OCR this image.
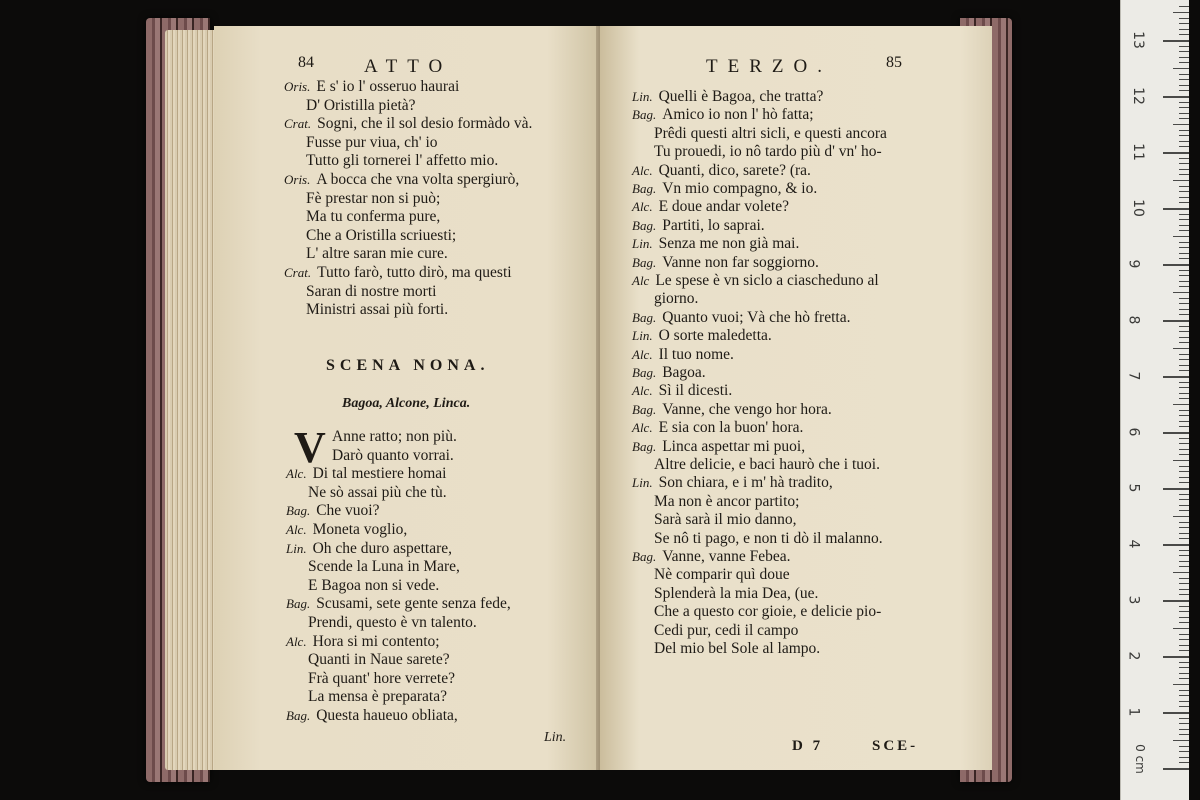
84	ATTO
Oris. E s' io l' osseruo haurai
D' Oristilla pietà?
Crat. Sogni, che il sol desio formàdo và.
Fusse pur viua, ch' io
Tutto gli tornerei l' affetto mio.
Oris. A bocca che vna volta spergiurò,
Fè prestar non si può;
Ma tu conferma pure,
Che a Oristilla scriuesti;
L' altre saran mie cure.
Crat. Tutto farò, tutto dirò, ma questi
Saran di nostre morti
Ministri assai più forti.
SCENA NONA.
Bagoa, Alcone, Linca.
V Anne ratto; non più.
Darò quanto vorrai.
Alc. Di tal mestiere homai
Ne sò assai più che tù.
Bag. Che vuoi?
Alc. Moneta voglio,
Lin. Oh che duro aspettare,
Scende la Luna in Mare,
E Bagoa non si vede.
Bag. Scusami, sete gente senza fede,
Prendi, questo è vn talento.
Alc. Hora si mi contento;
Quanti in Naue sarete?
Frà quant' hore verrete?
La mensa è preparata?
Bag. Questa haueuo obliata,
Lin.
TERZO.	85
Lin. Quelli è Bagoa, che tratta?
Bag. Amico io non l' hò fatta;
Prêdi questi altri sicli, e questi ancora
Tu prouedi, io nô tardo più d' vn' ho-
Alc. Quanti, dico, sarete? (ra.
Bag. Vn mio compagno, & io.
Alc. E doue andar volete?
Bag. Partiti, lo saprai.
Lin. Senza me non già mai.
Bag. Vanne non far soggiorno.
Alc Le spese è vn siclo a ciascheduno al
giorno.
Bag. Quanto vuoi; Và che hò fretta.
Lin. O sorte maledetta.
Alc. Il tuo nome.
Bag. Bagoa.
Alc. Sì il dicesti.
Bag. Vanne, che vengo hor hora.
Alc. E sia con la buon' hora.
Bag. Linca aspettar mi puoi,
Altre delicie, e baci haurò che i tuoi.
Lin. Son chiara, e i m' hà tradito,
Ma non è ancor partito;
Sarà sarà il mio danno,
Se nô ti pago, e non ti dò il malanno.
Bag. Vanne, vanne Febea.
Nè comparir quì doue
Splenderà la mia Dea, (ue.
Che a questo cor gioie, e delicie pio-
Cedi pur, cedi il campo
Del mio bel Sole al lampo.
D 7	SCE-	0 cm
1
2
3
4
5
6
7
8
9
10
11
12
13
